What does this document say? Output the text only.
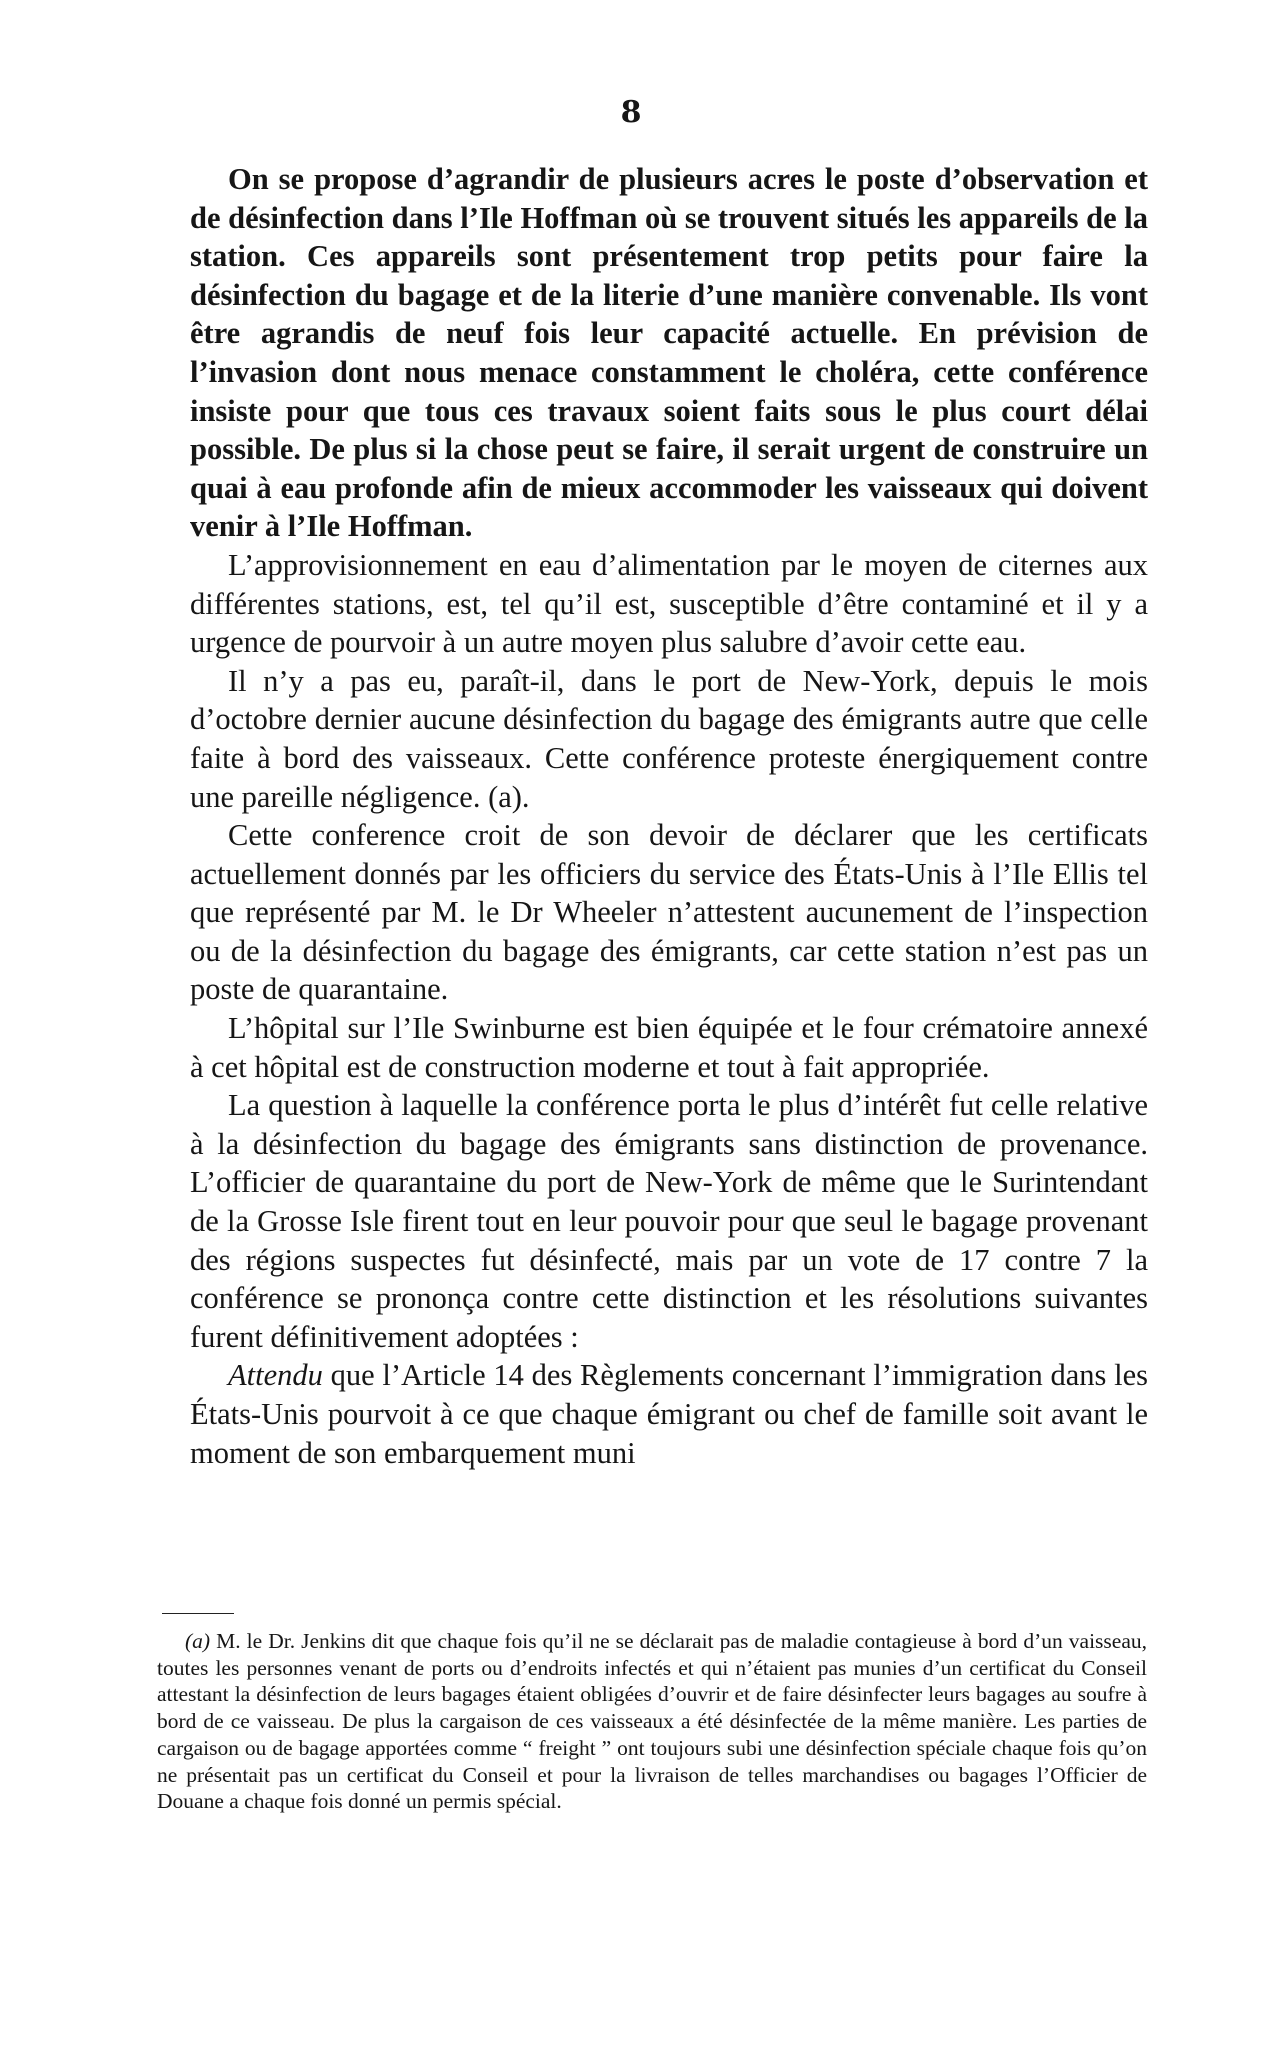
8

On se propose d’agrandir de plusieurs acres le poste d’observation et de désinfection dans l’Ile Hoffman où se trouvent situés les appareils de la station. Ces appareils sont présentement trop petits pour faire la désinfection du bagage et de la literie d’une manière convenable. Ils vont être agrandis de neuf fois leur capacité actuelle. En prévision de l’invasion dont nous menace constamment le choléra, cette conférence insiste pour que tous ces travaux soient faits sous le plus court délai possible. De plus si la chose peut se faire, il serait urgent de construire un quai à eau profonde afin de mieux accommoder les vaisseaux qui doivent venir à l’Ile Hoffman.

L’approvisionnement en eau d’alimentation par le moyen de citernes aux différentes stations, est, tel qu’il est, susceptible d’être contaminé et il y a urgence de pourvoir à un autre moyen plus salubre d’avoir cette eau.

Il n’y a pas eu, paraît-il, dans le port de New-York, depuis le mois d’octobre dernier aucune désinfection du bagage des émigrants autre que celle faite à bord des vaisseaux. Cette conférence proteste énergiquement contre une pareille négligence. (a).

Cette conference croit de son devoir de déclarer que les certificats actuellement donnés par les officiers du service des États-Unis à l’Ile Ellis tel que représenté par M. le Dr Wheeler n’attestent aucunement de l’inspection ou de la désinfection du bagage des émigrants, car cette station n’est pas un poste de quarantaine.

L’hôpital sur l’Ile Swinburne est bien équipée et le four crématoire annexé à cet hôpital est de construction moderne et tout à fait appropriée.

La question à laquelle la conférence porta le plus d’intérêt fut celle relative à la désinfection du bagage des émigrants sans distinction de provenance. L’officier de quarantaine du port de New-York de même que le Surintendant de la Grosse Isle firent tout en leur pouvoir pour que seul le bagage provenant des régions suspectes fut désinfecté, mais par un vote de 17 contre 7 la conférence se prononça contre cette distinction et les résolutions suivantes furent définitivement adoptées :

Attendu que l’Article 14 des Règlements concernant l’immigration dans les États-Unis pourvoit à ce que chaque émigrant ou chef de famille soit avant le moment de son embarquement muni

(a) M. le Dr. Jenkins dit que chaque fois qu’il ne se déclarait pas de maladie contagieuse à bord d’un vaisseau, toutes les personnes venant de ports ou d’endroits infectés et qui n’étaient pas munies d’un certificat du Conseil attestant la désinfection de leurs bagages étaient obligées d’ouvrir et de faire désinfecter leurs bagages au soufre à bord de ce vaisseau. De plus la cargaison de ces vaisseaux a été désinfectée de la même manière. Les parties de cargaison ou de bagage apportées comme “ freight ” ont toujours subi une désinfection spéciale chaque fois qu’on ne présentait pas un certificat du Conseil et pour la livraison de telles marchandises ou bagages l’Officier de Douane a chaque fois donné un permis spécial.
